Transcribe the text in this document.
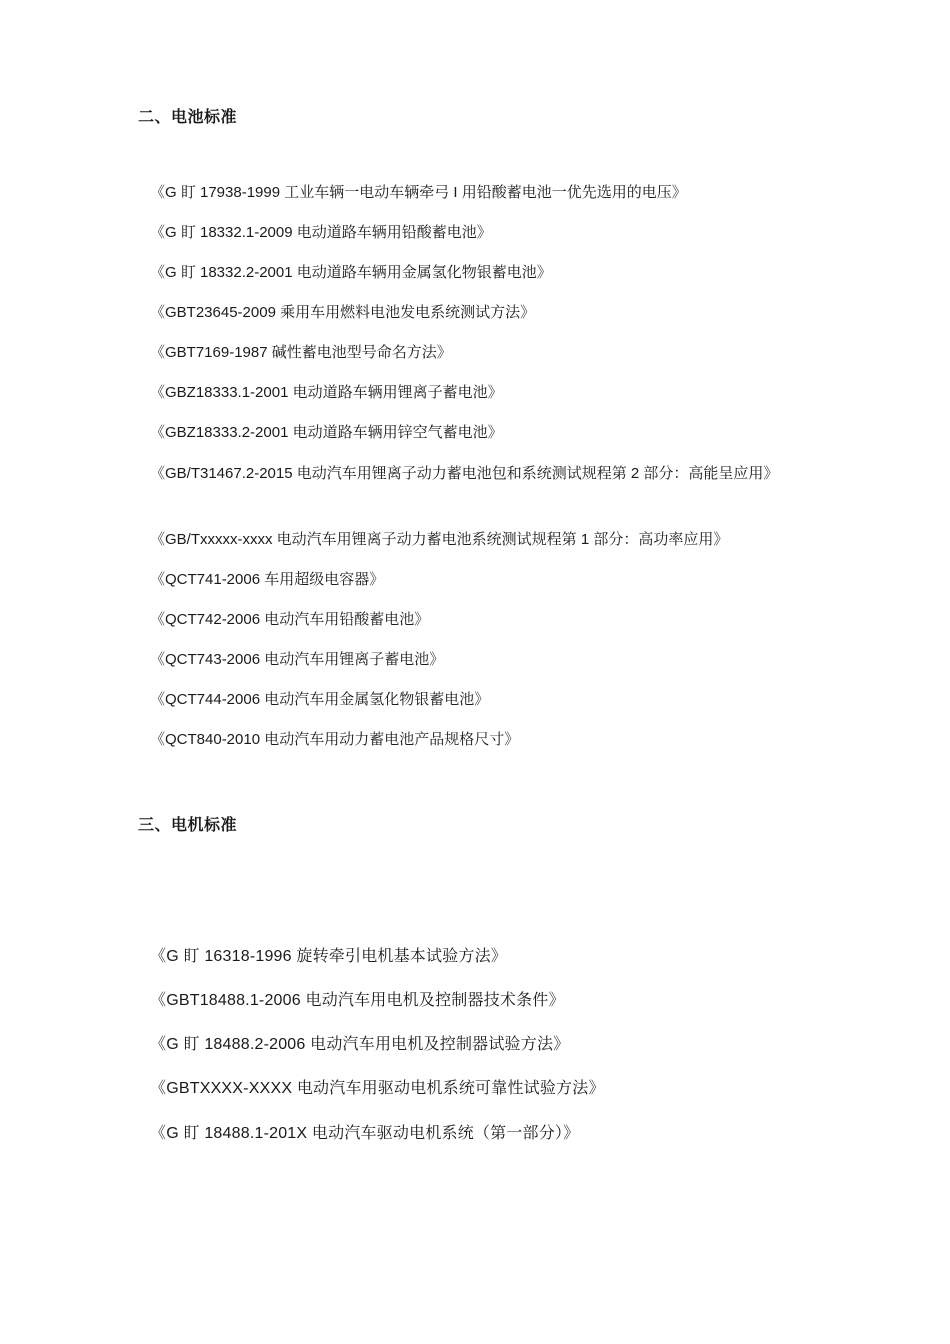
二、电池标准
《G 盯 17938-1999 工业车辆一电动车辆牵弓 I 用铅酸蓄电池一优先选用的电压》
《G 盯 18332.1-2009 电动道路车辆用铅酸蓄电池》
《G 盯 18332.2-2001 电动道路车辆用金属氢化物银蓄电池》
《GBT23645-2009 乘用车用燃料电池发电系统测试方法》
《GBT7169-1987 碱性蓄电池型号命名方法》
《GBZ18333.1-2001 电动道路车辆用锂离子蓄电池》
《GBZ18333.2-2001 电动道路车辆用锌空气蓄电池》
《GB/T31467.2-2015 电动汽车用锂离子动力蓄电池包和系统测试规程第 2 部分：高能呈应用》
《GB/Txxxxx-xxxx 电动汽车用锂离子动力蓄电池系统测试规程第 1 部分：高功率应用》
《QCT741-2006 车用超级电容器》
《QCT742-2006 电动汽车用铅酸蓄电池》
《QCT743-2006 电动汽车用锂离子蓄电池》
《QCT744-2006 电动汽车用金属氢化物银蓄电池》
《QCT840-2010 电动汽车用动力蓄电池产品规格尺寸》
三、电机标准
《G 盯 16318-1996 旋转牵引电机基本试验方法》
《GBT18488.1-2006 电动汽车用电机及控制器技术条件》
《G 盯 18488.2-2006 电动汽车用电机及控制器试验方法》
《GBTXXXX-XXXX 电动汽车用驱动电机系统可靠性试验方法》
《G 盯 18488.1-201X 电动汽车驱动电机系统（第一部分）》
